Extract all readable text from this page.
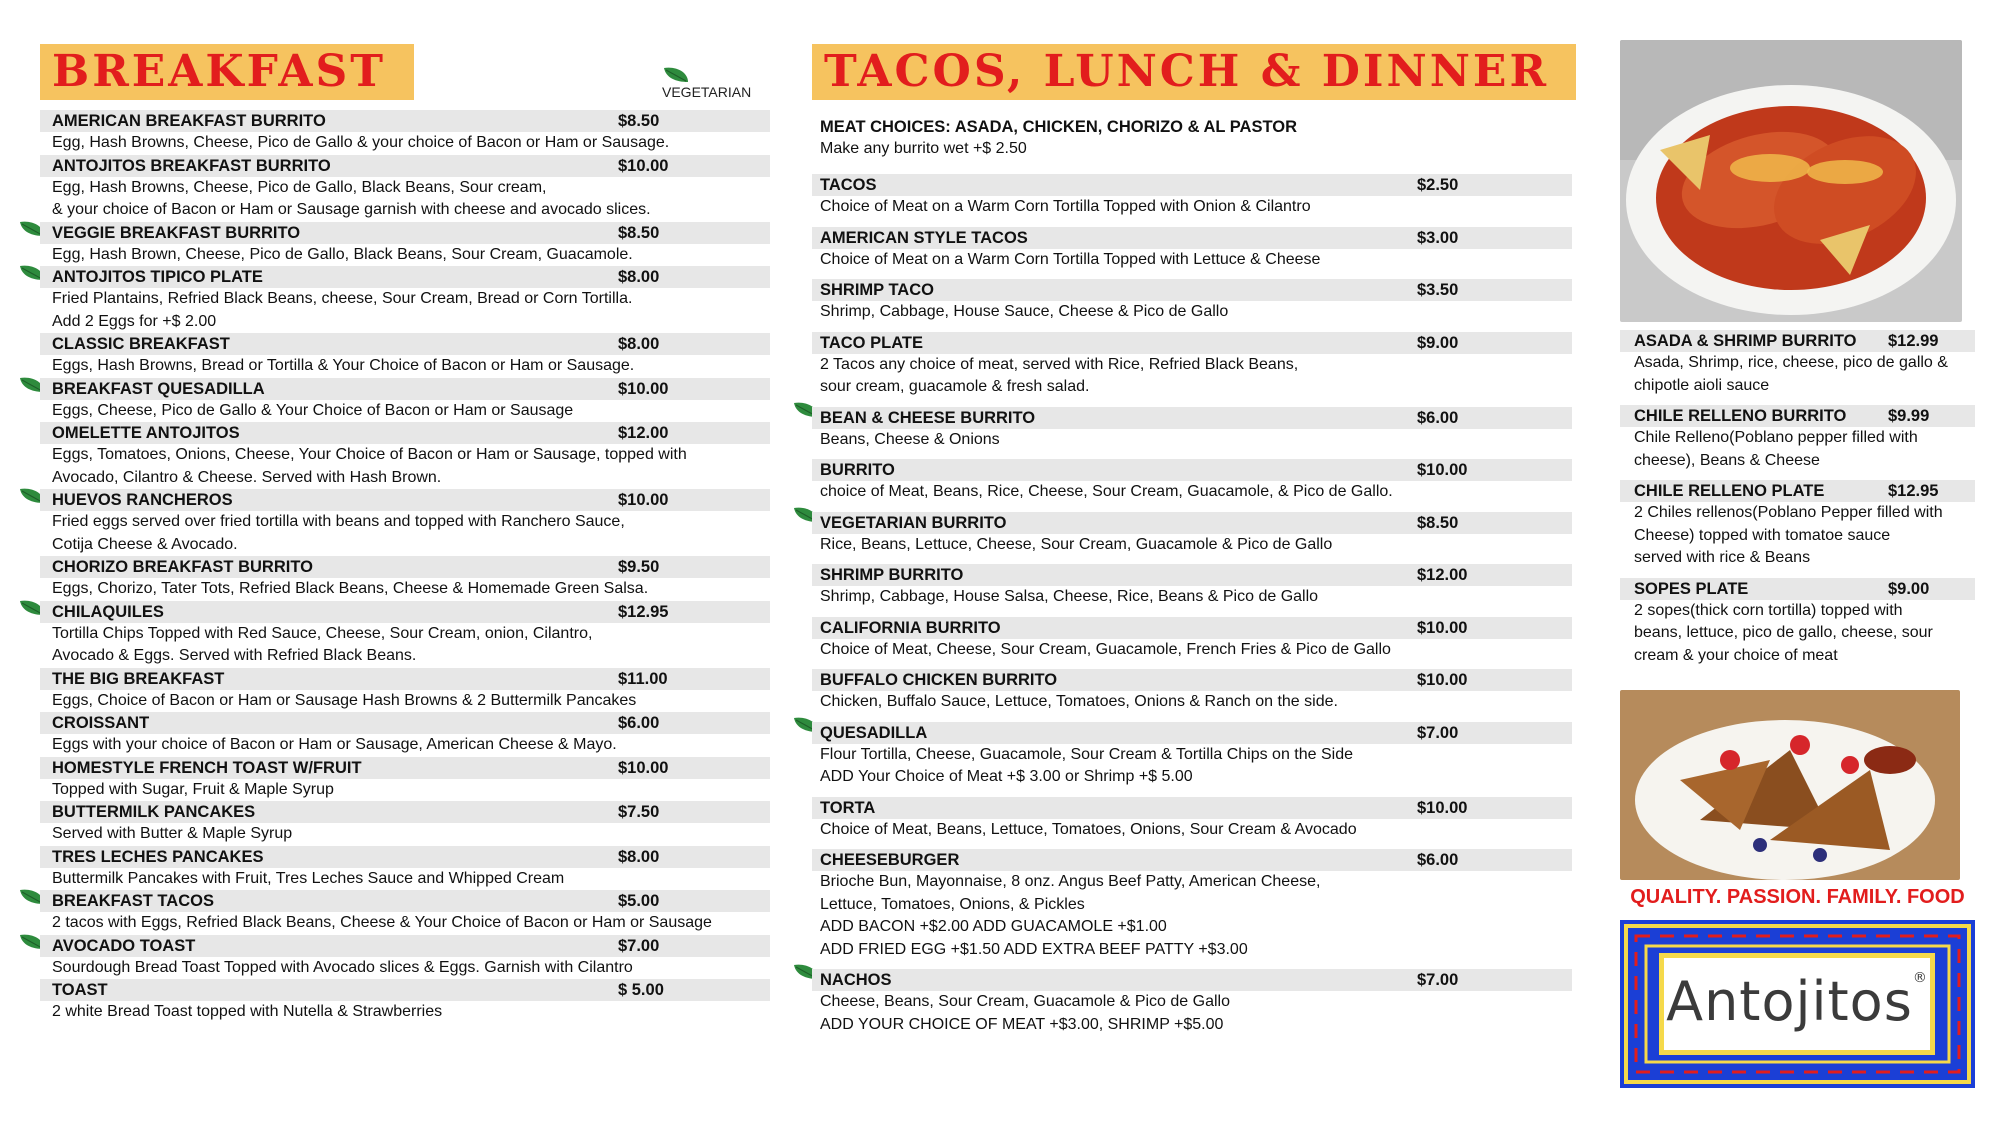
BREAKFAST	VEGETARIAN
AMERICAN BREAKFAST BURRITO	$8.50
Egg, Hash Browns, Cheese, Pico de Gallo & your choice of Bacon or Ham or Sausage.
ANTOJITOS BREAKFAST BURRITO	$10.00
Egg, Hash Browns, Cheese, Pico de Gallo, Black Beans, Sour cream,
& your choice of Bacon or Ham or Sausage garnish with cheese and avocado slices.
VEGGIE BREAKFAST BURRITO	$8.50
Egg, Hash Brown, Cheese, Pico de Gallo, Black Beans, Sour Cream, Guacamole.
ANTOJITOS TIPICO PLATE	$8.00
Fried Plantains, Refried Black Beans, cheese, Sour Cream, Bread or Corn Tortilla.
Add 2 Eggs for +$ 2.00
CLASSIC BREAKFAST	$8.00
Eggs, Hash Browns, Bread or Tortilla & Your Choice of Bacon or Ham or Sausage.
BREAKFAST QUESADILLA	$10.00
Eggs, Cheese, Pico de Gallo & Your Choice of Bacon or Ham or Sausage
OMELETTE ANTOJITOS	$12.00
Eggs, Tomatoes, Onions, Cheese, Your Choice of Bacon or Ham or Sausage, topped with
Avocado, Cilantro & Cheese. Served with Hash Brown.
HUEVOS RANCHEROS	$10.00
Fried eggs served over fried tortilla with beans and topped with Ranchero Sauce,
Cotija Cheese & Avocado.
CHORIZO BREAKFAST BURRITO	$9.50
Eggs, Chorizo, Tater Tots, Refried Black Beans, Cheese & Homemade Green Salsa.
CHILAQUILES	$12.95
Tortilla Chips Topped with Red Sauce, Cheese, Sour Cream, onion, Cilantro,
Avocado & Eggs. Served with Refried Black Beans.
THE BIG BREAKFAST	$11.00
Eggs, Choice of Bacon or Ham or Sausage Hash Browns & 2 Buttermilk Pancakes
CROISSANT	$6.00
Eggs with your choice of Bacon or Ham or Sausage, American Cheese & Mayo.
HOMESTYLE FRENCH TOAST W/FRUIT	$10.00
Topped with Sugar, Fruit & Maple Syrup
BUTTERMILK PANCAKES	$7.50
Served with Butter & Maple Syrup
TRES LECHES PANCAKES	$8.00
Buttermilk Pancakes with Fruit, Tres Leches Sauce and Whipped Cream
BREAKFAST TACOS	$5.00
2 tacos with Eggs, Refried Black Beans, Cheese & Your Choice of Bacon or Ham or Sausage
AVOCADO TOAST	$7.00
Sourdough Bread Toast Topped with Avocado slices & Eggs. Garnish with Cilantro
TOAST	$ 5.00
2 white Bread Toast topped with Nutella & Strawberries
TACOS, LUNCH & DINNER
MEAT CHOICES: ASADA, CHICKEN, CHORIZO & AL PASTOR
Make any burrito wet +$ 2.50
TACOS	$2.50
Choice of Meat on a Warm Corn Tortilla Topped with Onion & Cilantro
AMERICAN STYLE TACOS	$3.00
Choice of Meat on a Warm Corn Tortilla Topped with Lettuce & Cheese
SHRIMP TACO	$3.50
Shrimp, Cabbage, House Sauce, Cheese & Pico de Gallo
TACO PLATE	$9.00
2 Tacos any choice of meat, served with Rice, Refried Black Beans,
sour cream, guacamole & fresh salad.
BEAN & CHEESE BURRITO	$6.00
Beans, Cheese & Onions
BURRITO	$10.00
choice of Meat, Beans, Rice, Cheese, Sour Cream, Guacamole, & Pico de Gallo.
VEGETARIAN BURRITO	$8.50
Rice, Beans, Lettuce, Cheese, Sour Cream, Guacamole & Pico de Gallo
SHRIMP BURRITO	$12.00
Shrimp, Cabbage, House Salsa, Cheese, Rice, Beans & Pico de Gallo
CALIFORNIA BURRITO	$10.00
Choice of Meat, Cheese, Sour Cream, Guacamole, French Fries & Pico de Gallo
BUFFALO CHICKEN BURRITO	$10.00
Chicken, Buffalo Sauce, Lettuce, Tomatoes, Onions & Ranch on the side.
QUESADILLA	$7.00
Flour Tortilla, Cheese, Guacamole, Sour Cream & Tortilla Chips on the Side
ADD Your Choice of Meat +$ 3.00 or Shrimp +$ 5.00
TORTA	$10.00
Choice of Meat, Beans, Lettuce, Tomatoes, Onions, Sour Cream & Avocado
CHEESEBURGER	$6.00
Brioche Bun, Mayonnaise, 8 onz. Angus Beef Patty, American Cheese,
Lettuce, Tomatoes, Onions, & Pickles
ADD BACON +$2.00 ADD GUACAMOLE +$1.00
ADD FRIED EGG +$1.50 ADD EXTRA BEEF PATTY +$3.00
NACHOS	$7.00
Cheese, Beans, Sour Cream, Guacamole & Pico de Gallo
ADD YOUR CHOICE OF MEAT +$3.00, SHRIMP +$5.00
ASADA & SHRIMP BURRITO $12.99
Asada, Shrimp, rice, cheese, pico de gallo &
chipotle aioli sauce
CHILE RELLENO BURRITO	$9.99
Chile Relleno(Poblano pepper filled with
cheese), Beans & Cheese
CHILE RELLENO PLATE	$12.95
2 Chiles rellenos(Poblano Pepper filled with
Cheese) topped with tomatoe sauce
served with rice & Beans
SOPES PLATE	$9.00
2 sopes(thick corn tortilla) topped with
beans, lettuce, pico de gallo, cheese, sour
cream & your choice of meat
QUALITY. PASSION. FAMILY. FOOD
Antojitos®
